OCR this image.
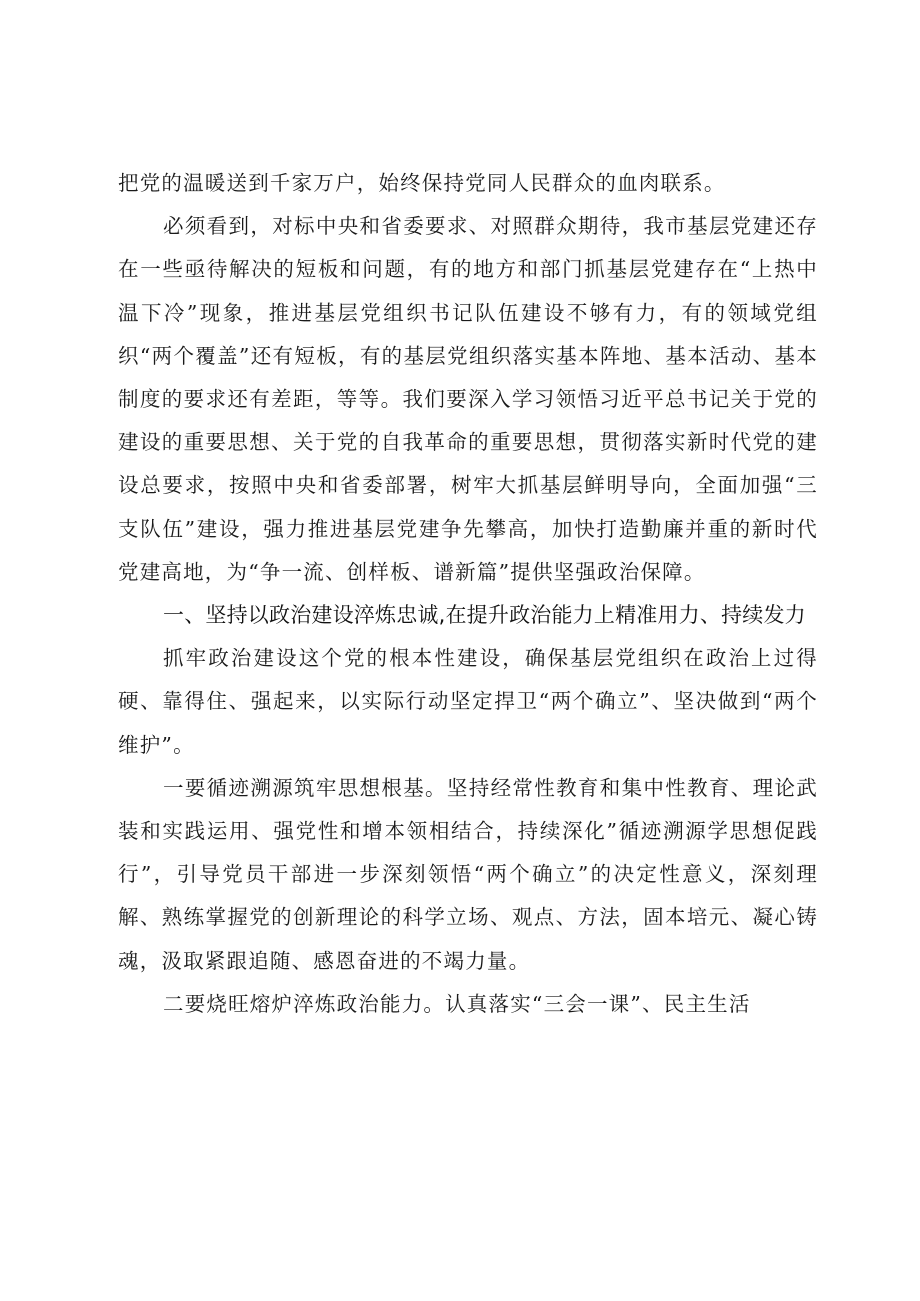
把党的温暖送到千家万户，始终保持党同人民群众的血肉联系。

必须看到，对标中央和省委要求、对照群众期待，我市基层党建还存在一些亟待解决的短板和问题，有的地方和部门抓基层党建存在“上热中温下冷”现象，推进基层党组织书记队伍建设不够有力，有的领域党组织“两个覆盖”还有短板，有的基层党组织落实基本阵地、基本活动、基本制度的要求还有差距，等等。我们要深入学习领悟习近平总书记关于党的建设的重要思想、关于党的自我革命的重要思想，贯彻落实新时代党的建设总要求，按照中央和省委部署，树牢大抓基层鲜明导向，全面加强“三支队伍”建设，强力推进基层党建争先攀高，加快打造勤廉并重的新时代党建高地，为“争一流、创样板、谱新篇”提供坚强政治保障。

一、坚持以政治建设淬炼忠诚,在提升政治能力上精准用力、持续发力

抓牢政治建设这个党的根本性建设，确保基层党组织在政治上过得硬、靠得住、强起来，以实际行动坚定捍卫“两个确立”、坚决做到“两个维护”。

一要循迹溯源筑牢思想根基。坚持经常性教育和集中性教育、理论武装和实践运用、强党性和增本领相结合，持续深化”循迹溯源学思想促践行”，引导党员干部进一步深刻领悟“两个确立”的决定性意义，深刻理解、熟练掌握党的创新理论的科学立场、观点、方法，固本培元、凝心铸魂，汲取紧跟追随、感恩奋进的不竭力量。

二要烧旺熔炉淬炼政治能力。认真落实“三会一课”、民主生活
